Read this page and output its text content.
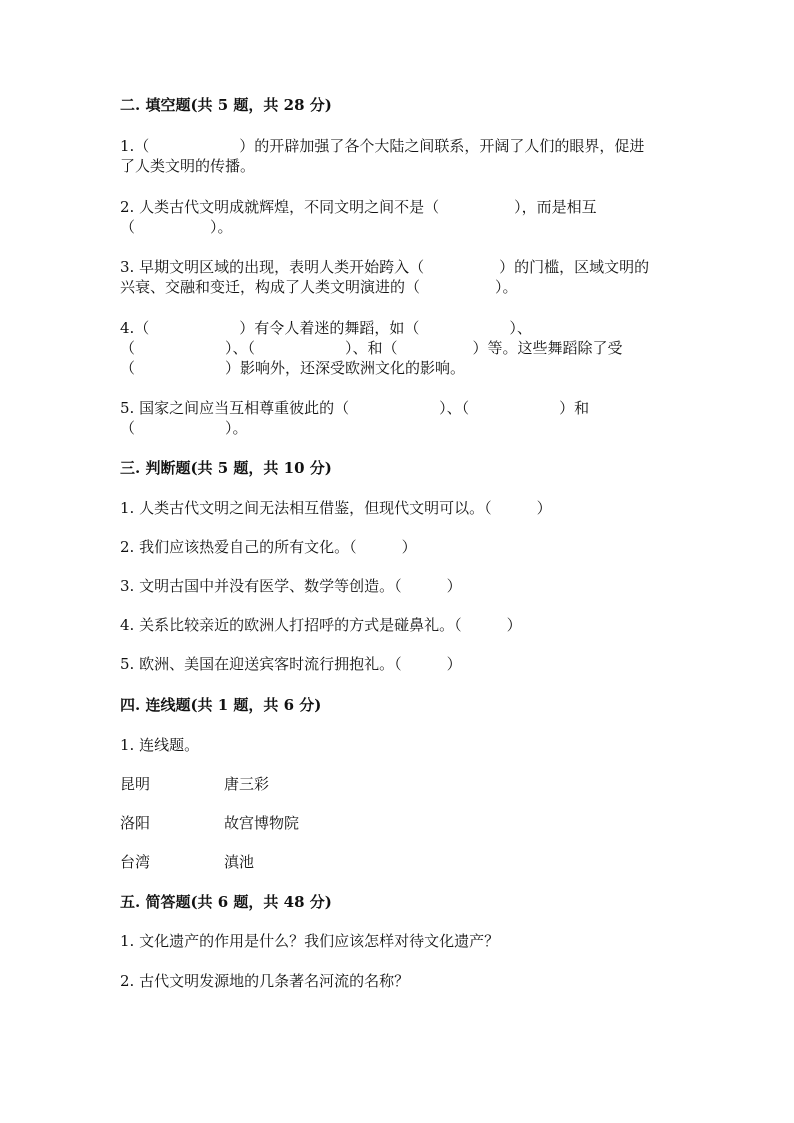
二. 填空题(共 5 题，共 28 分)
1.（　　　　　　）的开辟加强了各个大陆之间联系，开阔了人们的眼界，促进
了人类文明的传播。
2. 人类古代文明成就辉煌，不同文明之间不是（　　　　　），而是相互
（　　　　　）。
3. 早期文明区域的出现，表明人类开始跨入（　　　　　）的门槛，区域文明的
兴衰、交融和变迁，构成了人类文明演进的（　　　　　）。
4.（　　　　　　）有令人着迷的舞蹈，如（　　　　　　）、
（　　　　　　）、（　　　　　　）、和（　　　　　）等。这些舞蹈除了受
（　　　　　　）影响外，还深受欧洲文化的影响。
5. 国家之间应当互相尊重彼此的（　　　　　　）、（　　　　　　）和
（　　　　　　）。
三. 判断题(共 5 题，共 10 分)
1. 人类古代文明之间无法相互借鉴，但现代文明可以。（　　　）
2. 我们应该热爱自己的所有文化。（　　　）
3. 文明古国中并没有医学、数学等创造。（　　　）
4. 关系比较亲近的欧洲人打招呼的方式是碰鼻礼。（　　　）
5. 欧洲、美国在迎送宾客时流行拥抱礼。（　　　）
四. 连线题(共 1 题，共 6 分)
1. 连线题。
昆明	唐三彩
洛阳	故宫博物院
台湾	滇池
五. 简答题(共 6 题，共 48 分)
1. 文化遗产的作用是什么？我们应该怎样对待文化遗产？
2. 古代文明发源地的几条著名河流的名称？
